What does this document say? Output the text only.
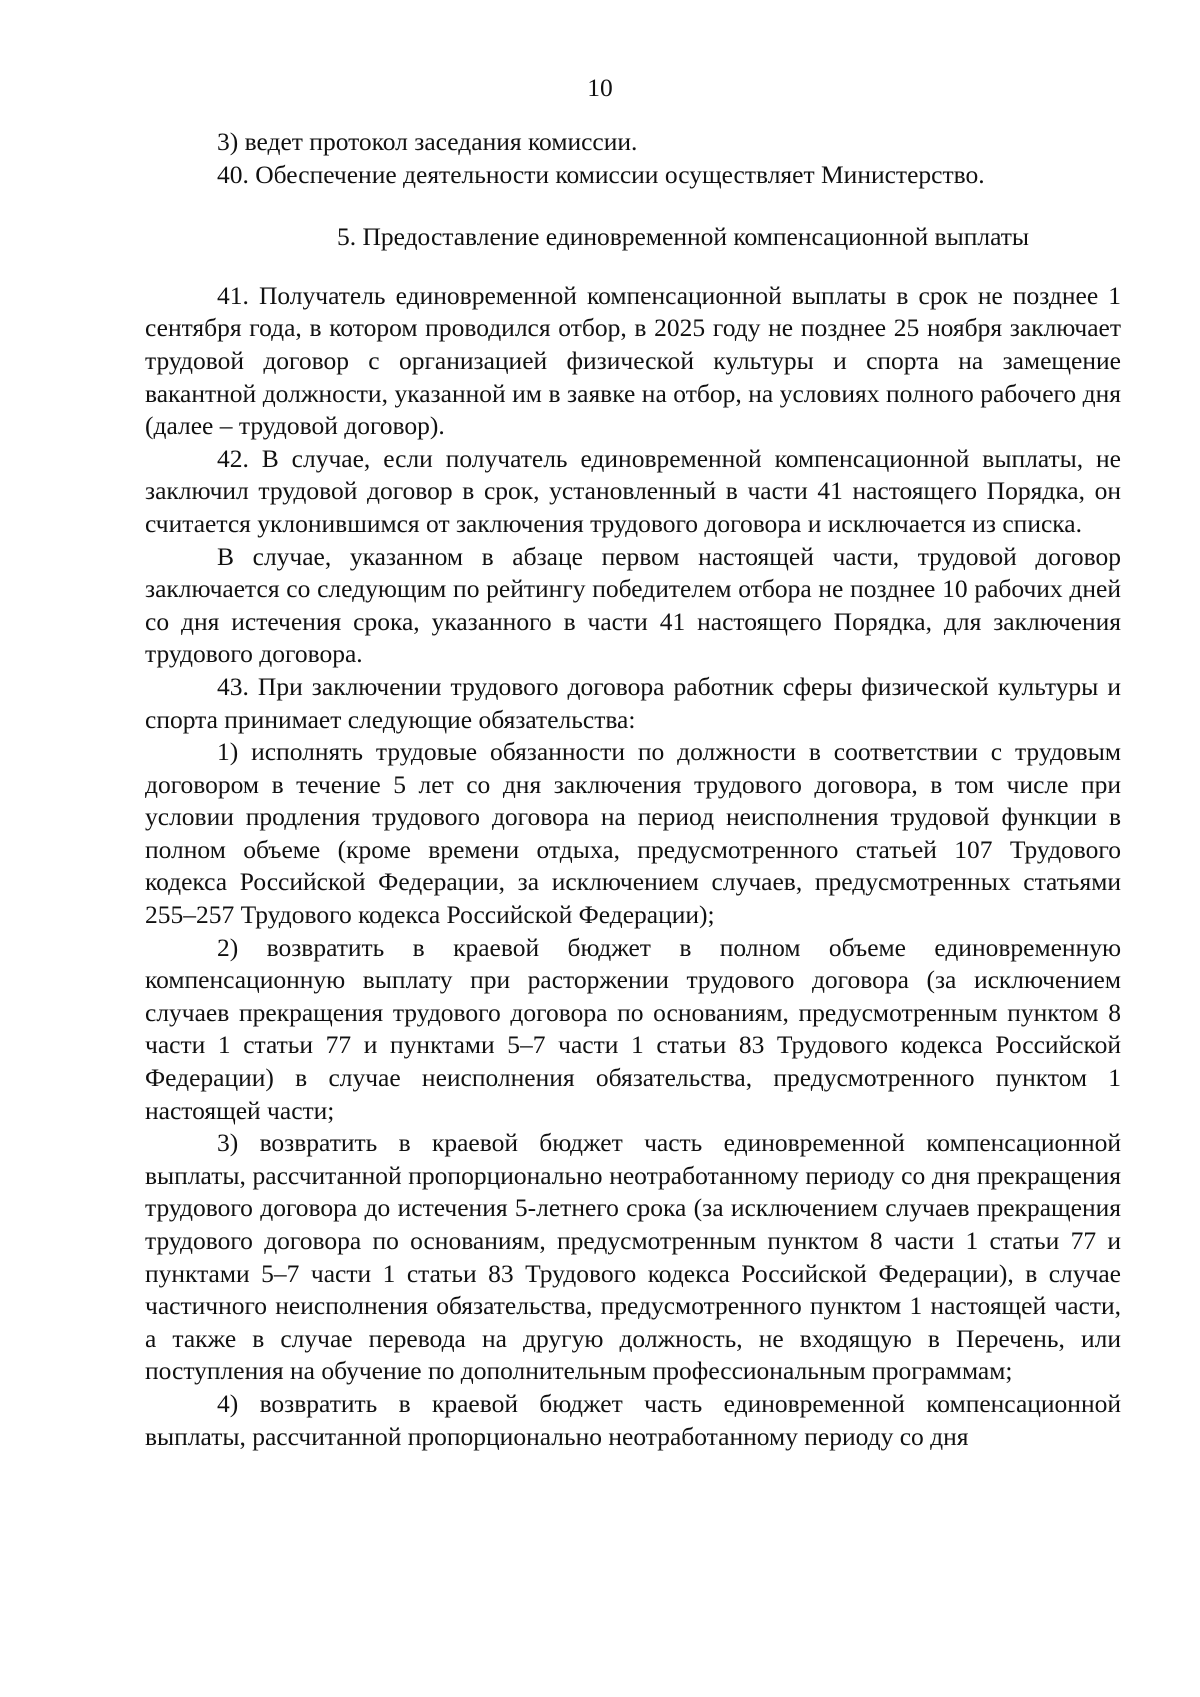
10

3) ведет протокол заседания комиссии.

40. Обеспечение деятельности комиссии осуществляет Министерство.

5. Предоставление единовременной компенсационной выплаты

41. Получатель единовременной компенсационной выплаты в срок не позднее 1 сентября года, в котором проводился отбор, в 2025 году не позднее 25 ноября заключает трудовой договор с организацией физической культуры и спорта на замещение вакантной должности, указанной им в заявке на отбор, на условиях полного рабочего дня (далее – трудовой договор).

42. В случае, если получатель единовременной компенсационной выплаты, не заключил трудовой договор в срок, установленный в части 41 настоящего Порядка, он считается уклонившимся от заключения трудового договора и исключается из списка.

В случае, указанном в абзаце первом настоящей части, трудовой договор заключается со следующим по рейтингу победителем отбора не позднее 10 рабочих дней со дня истечения срока, указанного в части 41 настоящего Порядка, для заключения трудового договора.

43. При заключении трудового договора работник сферы физической культуры и спорта принимает следующие обязательства:

1) исполнять трудовые обязанности по должности в соответствии с трудовым договором в течение 5 лет со дня заключения трудового договора, в том числе при условии продления трудового договора на период неисполнения трудовой функции в полном объеме (кроме времени отдыха, предусмотренного статьей 107 Трудового кодекса Российской Федерации, за исключением случаев, предусмотренных статьями 255–257 Трудового кодекса Российской Федерации);

2) возвратить в краевой бюджет в полном объеме единовременную компенсационную выплату при расторжении трудового договора (за исключением случаев прекращения трудового договора по основаниям, предусмотренным пунктом 8 части 1 статьи 77 и пунктами 5–7 части 1 статьи 83 Трудового кодекса Российской Федерации) в случае неисполнения обязательства, предусмотренного пунктом 1 настоящей части;

3) возвратить в краевой бюджет часть единовременной компенсационной выплаты, рассчитанной пропорционально неотработанному периоду со дня прекращения трудового договора до истечения 5-летнего срока (за исключением случаев прекращения трудового договора по основаниям, предусмотренным пунктом 8 части 1 статьи 77 и пунктами 5–7 части 1 статьи 83 Трудового кодекса Российской Федерации), в случае частичного неисполнения обязательства, предусмотренного пунктом 1 настоящей части, а также в случае перевода на другую должность, не входящую в Перечень, или поступления на обучение по дополнительным профессиональным программам;

4) возвратить в краевой бюджет часть единовременной компенсационной выплаты, рассчитанной пропорционально неотработанному периоду со дня
